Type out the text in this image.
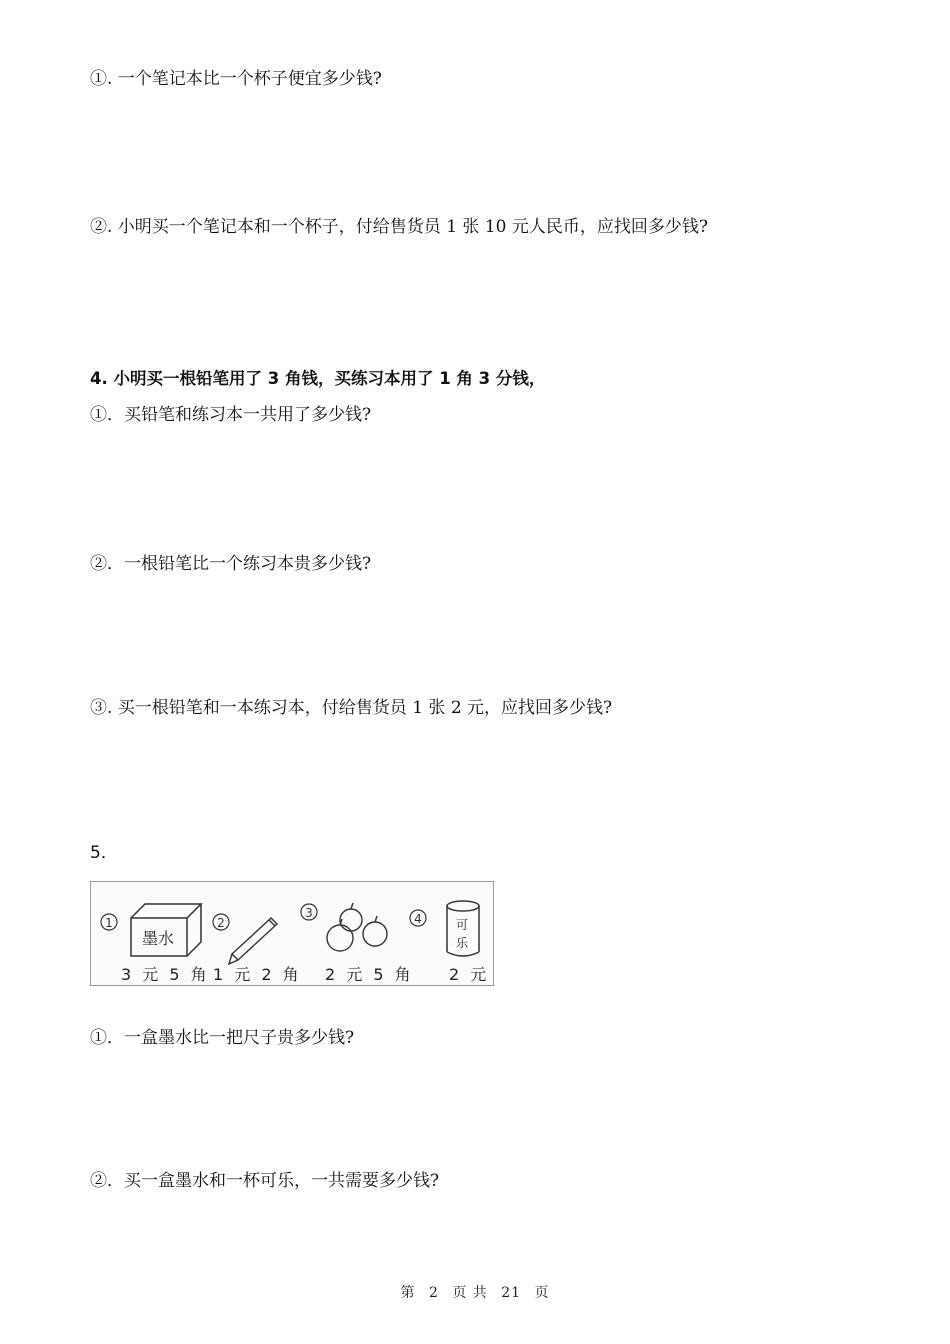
①. 一个笔记本比一个杯子便宜多少钱?
②. 小明买一个笔记本和一个杯子，付给售货员 1 张 10 元人民币，应找回多少钱?
4. 小明买一根铅笔用了 3 角钱，买练习本用了 1 角 3 分钱，
①．买铅笔和练习本一共用了多少钱?
②．一根铅笔比一个练习本贵多少钱?
③. 买一根铅笔和一本练习本，付给售货员 1 张 2 元，应找回多少钱?
5．
1	2
3	4
墨水
可乐
3 元 5 角 1 元 2 角 2 元 5 角 2 元
①．一盒墨水比一把尺子贵多少钱?
②．买一盒墨水和一杯可乐，一共需要多少钱?
第 2 页 共 21 页
